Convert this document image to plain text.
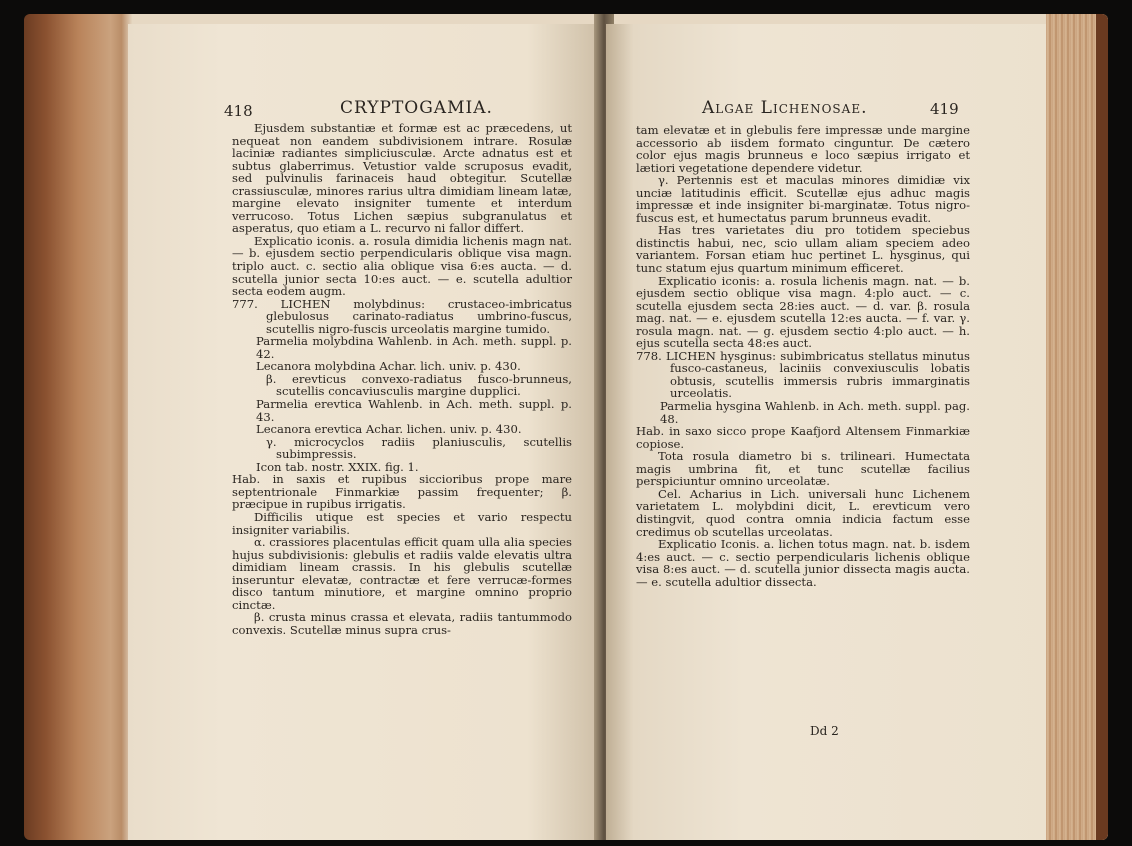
418	CRYPTOGAMIA.

Ejusdem substantiæ et formæ est ac præcedens, ut nequeat non eandem subdivisionem intrare. Rosulæ laciniæ radiantes simpliciusculæ. Arcte adnatus est et subtus glaberrimus. Vetustior valde scruposus evadit, sed pulvinulis farinaceis haud obtegitur. Scutellæ crassiusculæ, minores rarius ultra dimidiam lineam latæ, margine elevato insigniter tumente et interdum verrucoso. Totus Lichen sæpius subgranulatus et asperatus, quo etiam a L. recurvo ni fallor differt.

Explicatio iconis. a. rosula dimidia lichenis magn nat. — b. ejusdem sectio perpendicularis oblique visa magn. triplo auct. c. sectio alia oblique visa 6:es aucta. — d. scutella junior secta 10:es auct. — e. scutella adultior secta eodem augm.

777. LICHEN molybdinus: crustaceo-imbricatus glebulosus carinato-radiatus umbrino-fuscus, scutellis nigro-fuscis urceolatis margine tumido.

Parmelia molybdina Wahlenb. in Ach. meth. suppl. p. 42.

Lecanora molybdina Achar. lich. univ. p. 430.

β. erevticus convexo-radiatus fusco-brunneus, scutellis concaviusculis margine dupplici.

Parmelia erevtica Wahlenb. in Ach. meth. suppl. p. 43.

Lecanora erevtica Achar. lichen. univ. p. 430.

γ. microcyclos radiis planiusculis, scutellis subimpressis.

Icon tab. nostr. XXIX. fig. 1.

Hab. in saxis et rupibus siccioribus prope mare septentrionale Finmarkiæ passim frequenter; β. præcipue in rupibus irrigatis.

Difficilis utique est species et vario respectu insigniter variabilis.

α. crassiores placentulas efficit quam ulla alia species hujus subdivisionis: glebulis et radiis valde elevatis ultra dimidiam lineam crassis. In his glebulis scutellæ inseruntur elevatæ, contractæ et fere verrucæ-formes disco tantum minutiore, et margine omnino proprio cinctæ.

β. crusta minus crassa et elevata, radiis tantummodo convexis. Scutellæ minus supra crus-

Algae Lichenosae.	419

tam elevatæ et in glebulis fere impressæ unde margine accessorio ab iisdem formato cinguntur. De cætero color ejus magis brunneus e loco sæpius irrigato et lætiori vegetatione dependere videtur.

γ. Pertennis est et maculas minores dimidiæ vix unciæ latitudinis efficit. Scutellæ ejus adhuc magis impressæ et inde insigniter bi-marginatæ. Totus nigro-fuscus est, et humectatus parum brunneus evadit.

Has tres varietates diu pro totidem speciebus distinctis habui, nec, scio ullam aliam speciem adeo variantem. Forsan etiam huc pertinet L. hysginus, qui tunc statum ejus quartum minimum efficeret.

Explicatio iconis: a. rosula lichenis magn. nat. — b. ejusdem sectio oblique visa magn. 4:plo auct. — c. scutella ejusdem secta 28:ies auct. — d. var. β. rosula mag. nat. — e. ejusdem scutella 12:es aucta. — f. var. γ. rosula magn. nat. — g. ejusdem sectio 4:plo auct. — h. ejus scutella secta 48:es auct.

778. LICHEN hysginus: subimbricatus stellatus minutus fusco-castaneus, laciniis convexiusculis lobatis obtusis, scutellis immersis rubris immarginatis urceolatis.

Parmelia hysgina Wahlenb. in Ach. meth. suppl. pag. 48.

Hab. in saxo sicco prope Kaafjord Altensem Finmarkiæ copiose.

Tota rosula diametro bi s. trilineari. Humectata magis umbrina fit, et tunc scutellæ facilius perspiciuntur omnino urceolatæ.

Cel. Acharius in Lich. universali hunc Lichenem varietatem L. molybdini dicit, L. erevticum vero distingvit, quod contra omnia indicia factum esse credimus ob scutellas urceolatas.

Explicatio Iconis. a. lichen totus magn. nat. b. isdem 4:es auct. — c. sectio perpendicularis lichenis oblique visa 8:es auct. — d. scutella junior dissecta magis aucta. — e. scutella adultior dissecta.

Dd 2
